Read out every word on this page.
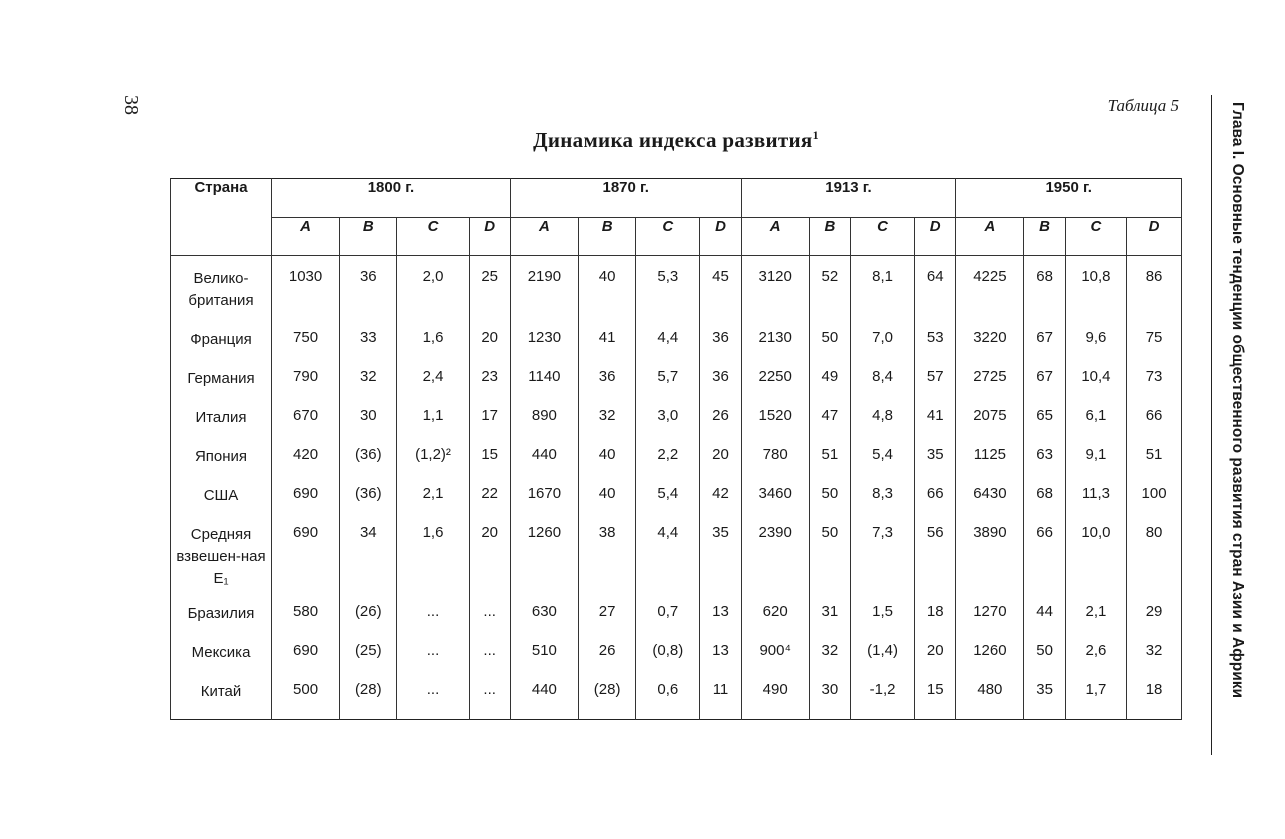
38	Таблица 5
Динамика индекса развития$^1$	Глава I. Основные тенденции общественного развития стран Азии и Африки
Страна	1800 г.				1870 г.				1913 г.				1950 г.			
	A	B	C	D	A	B	C	D	A	B	C	D	A	B	C	D
Велико-британия	1030	36	2,0	25	2190	40	5,3	45	3120	52	8,1	64	4225	68	10,8	86
Франция	750	33	1,6	20	1230	41	4,4	36	2130	50	7,0	53	3220	67	9,6	75
Германия	790	32	2,4	23	1140	36	5,7	36	2250	49	8,4	57	2725	67	10,4	73
Италия	670	30	1,1	17	890	32	3,0	26	1520	47	4,8	41	2075	65	6,1	66
Япония	420	(36)	(1,2)²	15	440	40	2,2	20	780	51	5,4	35	1125	63	9,1	51
США	690	(36)	2,1	22	1670	40	5,4	42	3460	50	8,3	66	6430	68	11,3	100
Средняя взвешен-ная E₁	690	34	1,6	20	1260	38	4,4	35	2390	50	7,3	56	3890	66	10,0	80
Бразилия	580	(26)	...	...	630	27	0,7	13	620	31	1,5	18	1270	44	2,1	29
Мексика	690	(25)	...	...	510	26	(0,8)	13	900⁴	32	(1,4)	20	1260	50	2,6	32
Китай	500	(28)	...	...	440	(28)	0,6	11	490	30	-1,2	15	480	35	1,7	18
